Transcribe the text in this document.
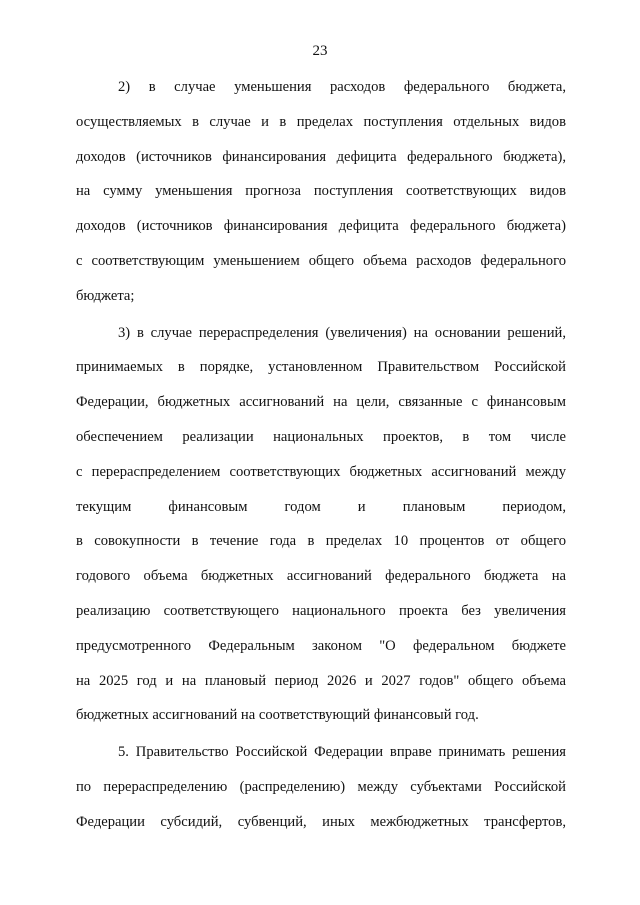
23
2) в случае уменьшения расходов федерального бюджета,
осуществляемых в случае и в пределах поступления отдельных видов
доходов (источников финансирования дефицита федерального бюджета),
на сумму уменьшения прогноза поступления соответствующих видов
доходов (источников финансирования дефицита федерального бюджета)
с соответствующим уменьшением общего объема расходов федерального
бюджета;
3) в случае перераспределения (увеличения) на основании решений,
принимаемых в порядке, установленном Правительством Российской
Федерации, бюджетных ассигнований на цели, связанные с финансовым
обеспечением реализации национальных проектов, в том числе
с перераспределением соответствующих бюджетных ассигнований между
текущим финансовым годом и плановым периодом,
в совокупности в течение года в пределах 10 процентов от общего
годового объема бюджетных ассигнований федерального бюджета на
реализацию соответствующего национального проекта без увеличения
предусмотренного Федеральным законом "О федеральном бюджете
на 2025 год и на плановый период 2026 и 2027 годов" общего объема
бюджетных ассигнований на соответствующий финансовый год.
5. Правительство Российской Федерации вправе принимать решения
по перераспределению (распределению) между субъектами Российской
Федерации субсидий, субвенций, иных межбюджетных трансфертов,
